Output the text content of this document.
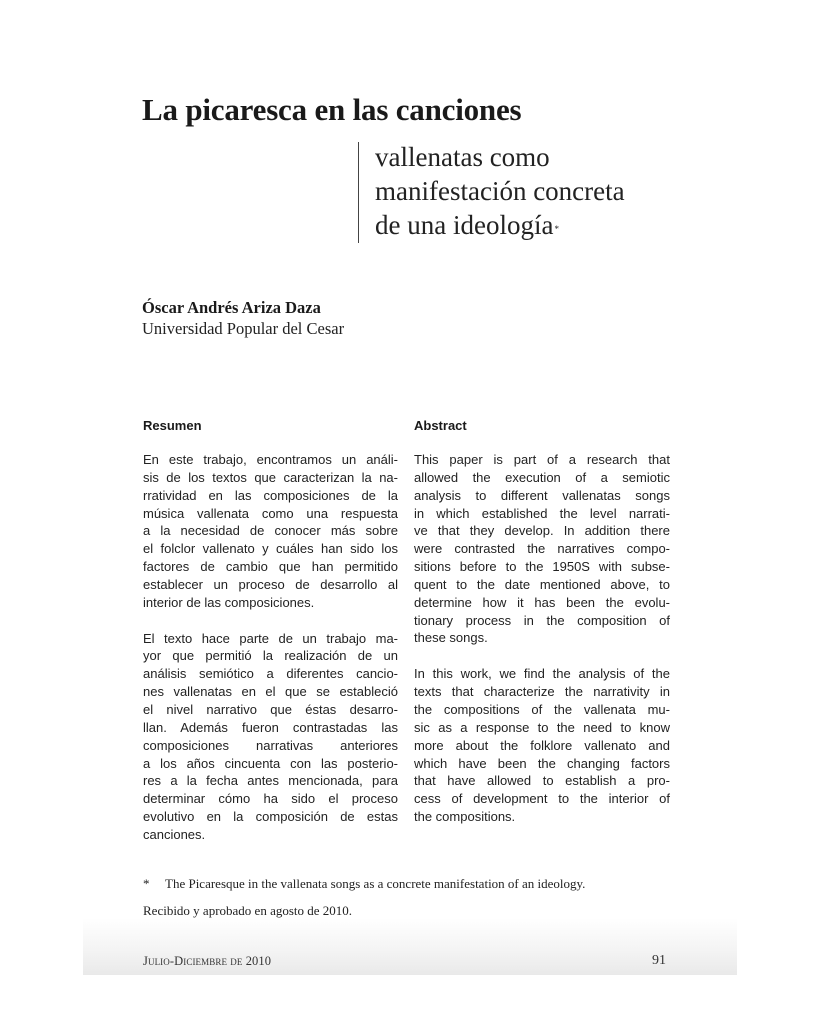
La picaresca en las canciones
vallenatas como
manifestación concreta
de una ideología*
Óscar Andrés Ariza Daza
Universidad Popular del Cesar
Resumen
En este trabajo, encontramos un análi-
sis de los textos que caracterizan la na-
rratividad en las composiciones de la
música vallenata como una respuesta
a la necesidad de conocer más sobre
el folclor vallenato y cuáles han sido los
factores de cambio que han permitido
establecer un proceso de desarrollo al
interior de las composiciones.
El texto hace parte de un trabajo ma-
yor que permitió la realización de un
análisis semiótico a diferentes cancio-
nes vallenatas en el que se estableció
el nivel narrativo que éstas desarro-
llan. Además fueron contrastadas las
composiciones narrativas anteriores
a los años cincuenta con las posterio-
res a la fecha antes mencionada, para
determinar cómo ha sido el proceso
evolutivo en la composición de estas
canciones.
Abstract
This paper is part of a research that
allowed the execution of a semiotic
analysis to different vallenatas songs
in which established the level narrati-
ve that they develop. In addition there
were contrasted the narratives compo-
sitions before to the 1950S with subse-
quent to the date mentioned above, to
determine how it has been the evolu-
tionary process in the composition of
these songs.
In this work, we find the analysis of the
texts that characterize the narrativity in
the compositions of the vallenata mu-
sic as a response to the need to know
more about the folklore vallenato and
which have been the changing factors
that have allowed to establish a pro-
cess of development to the interior of
the compositions.
* The Picaresque in the vallenata songs as a concrete manifestation of an ideology.
Recibido y aprobado en agosto de 2010.
Julio-Diciembre de 2010	91
